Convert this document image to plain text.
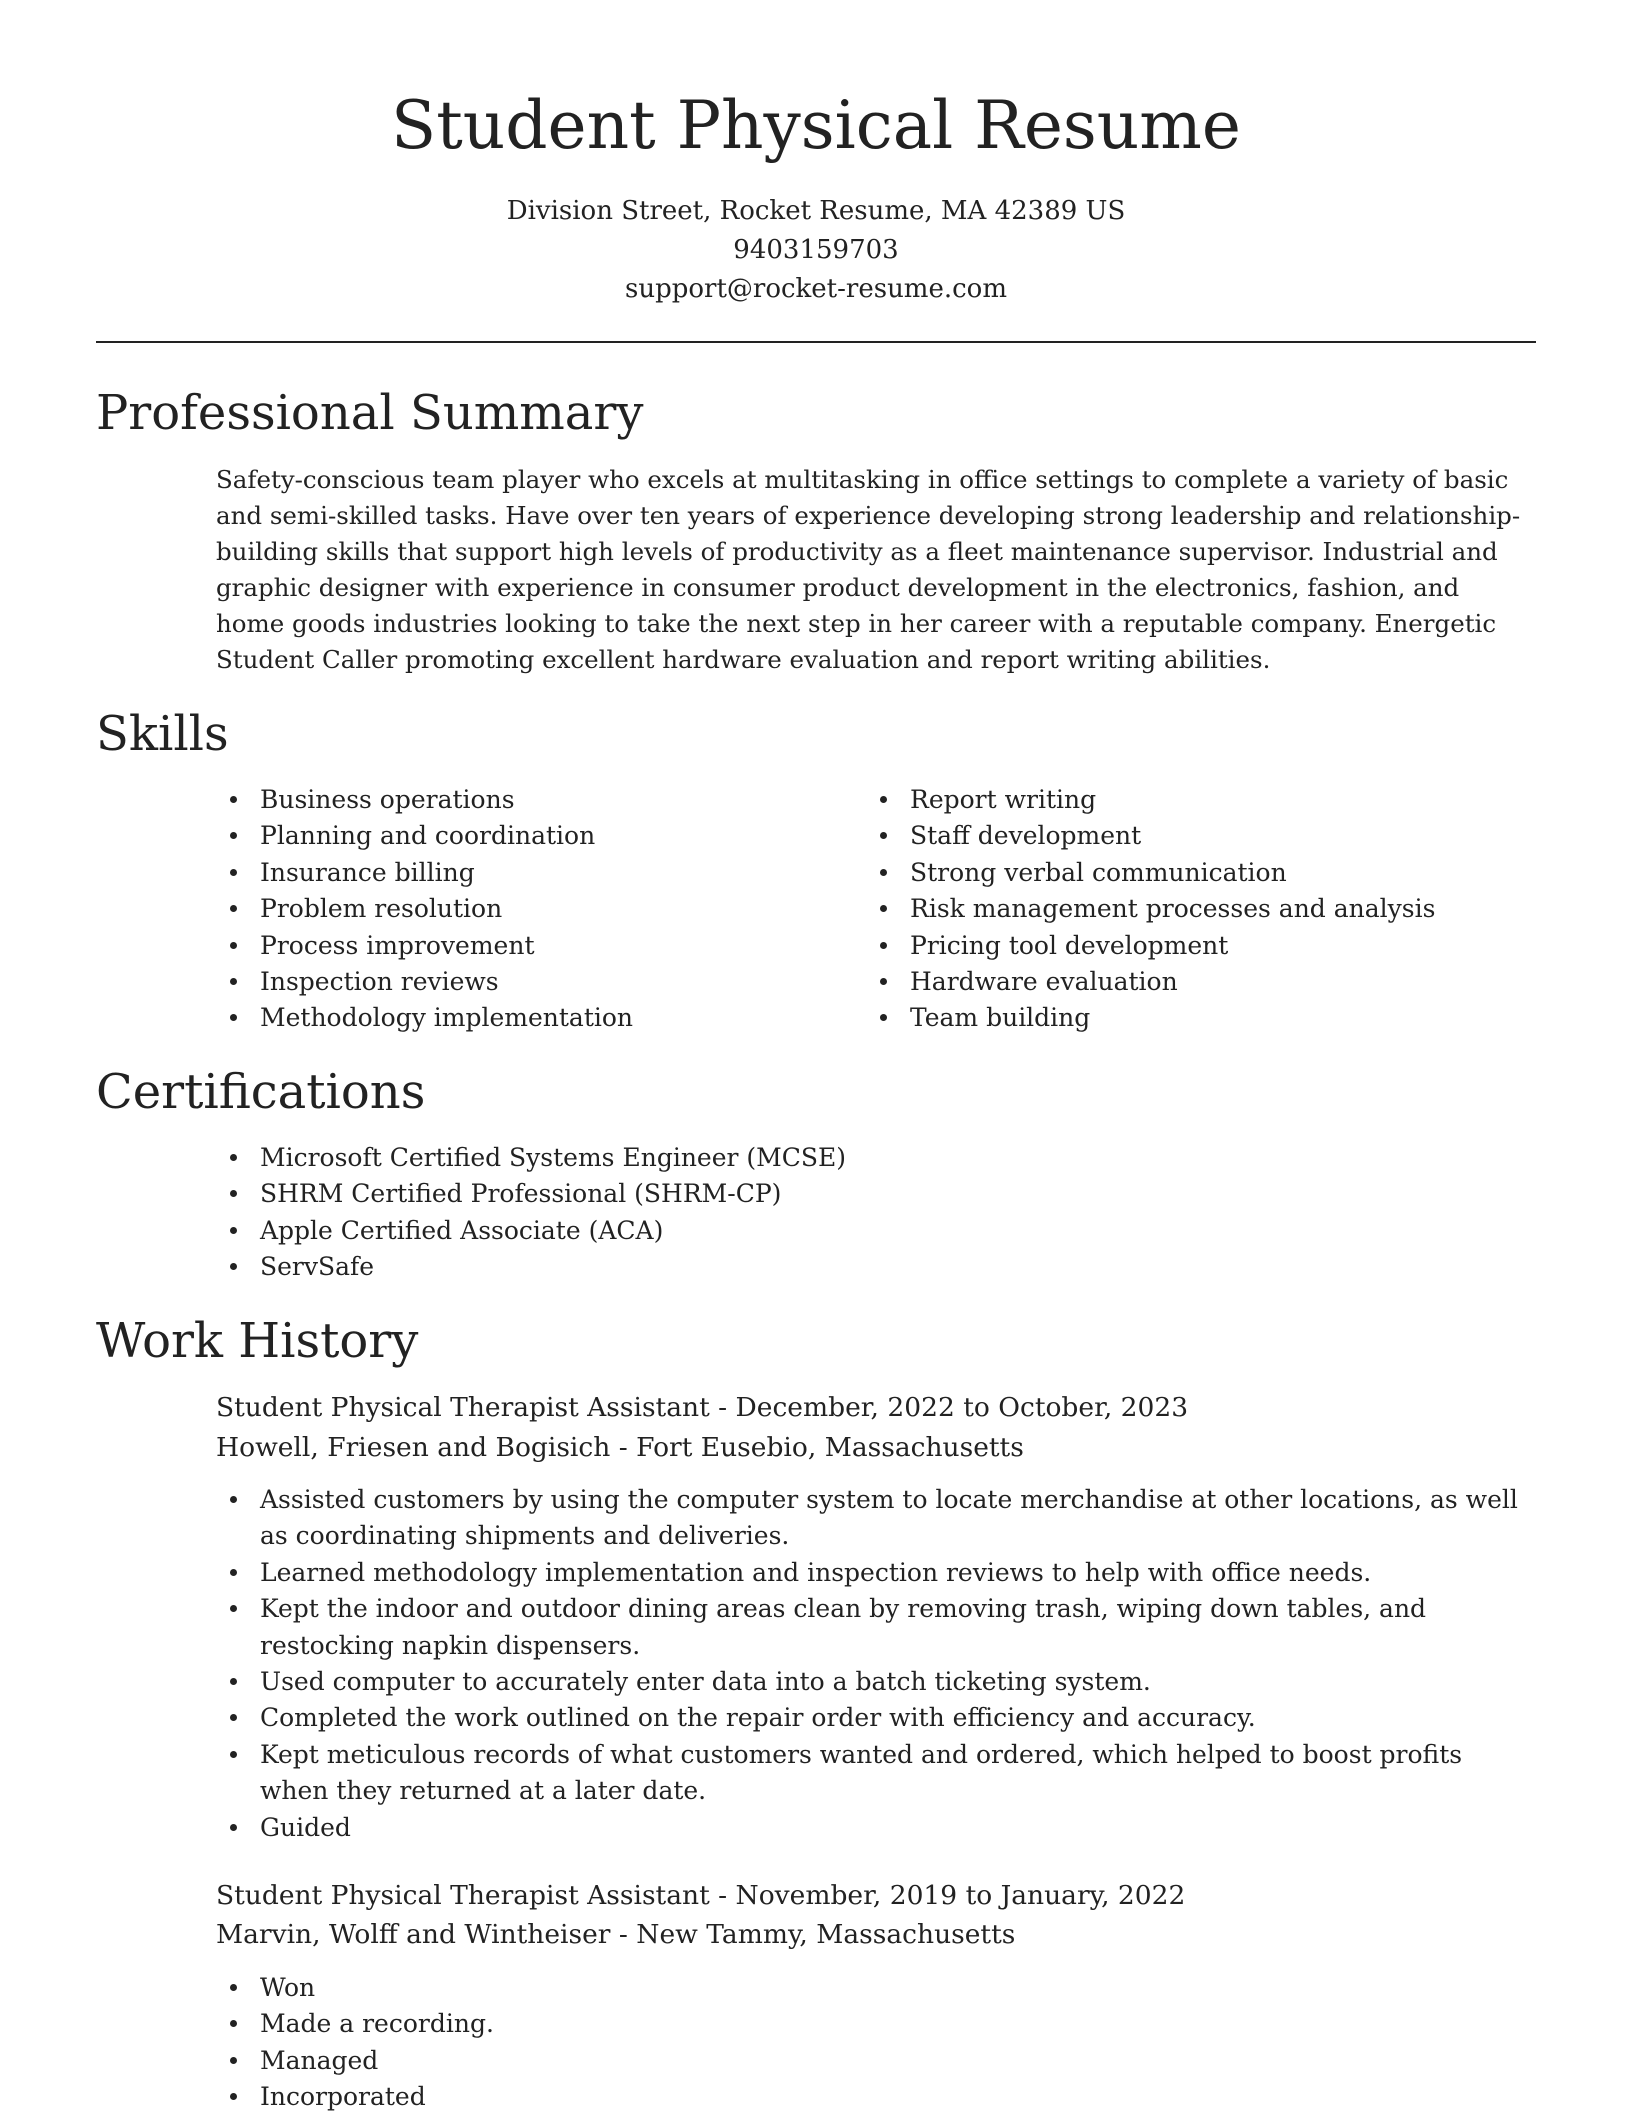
Student Physical Resume
Division Street, Rocket Resume, MA 42389 US
9403159703
support@rocket-resume.com
Professional Summary

Safety-conscious team player who excels at multitasking in office settings to complete a variety of basic and semi-skilled tasks. Have over ten years of experience developing strong leadership and relationship-building skills that support high levels of productivity as a fleet maintenance supervisor. Industrial and graphic designer with experience in consumer product development in the electronics, fashion, and home goods industries looking to take the next step in her career with a reputable company. Energetic Student Caller promoting excellent hardware evaluation and report writing abilities.

Skills
Business operations
Planning and coordination
Insurance billing
Problem resolution
Process improvement
Inspection reviews
Methodology implementation
Report writing
Staff development
Strong verbal communication
Risk management processes and analysis
Pricing tool development
Hardware evaluation
Team building
Certifications
Microsoft Certified Systems Engineer (MCSE)
SHRM Certified Professional (SHRM-CP)
Apple Certified Associate (ACA)
ServSafe
Work History
Student Physical Therapist Assistant - December, 2022 to October, 2023
Howell, Friesen and Bogisich - Fort Eusebio, Massachusetts
Assisted customers by using the computer system to locate merchandise at other locations, as well as coordinating shipments and deliveries.
Learned methodology implementation and inspection reviews to help with office needs.
Kept the indoor and outdoor dining areas clean by removing trash, wiping down tables, and restocking napkin dispensers.
Used computer to accurately enter data into a batch ticketing system.
Completed the work outlined on the repair order with efficiency and accuracy.
Kept meticulous records of what customers wanted and ordered, which helped to boost profits when they returned at a later date.
Guided
Student Physical Therapist Assistant - November, 2019 to January, 2022
Marvin, Wolff and Wintheiser - New Tammy, Massachusetts
Won
Made a recording.
Managed
Incorporated
